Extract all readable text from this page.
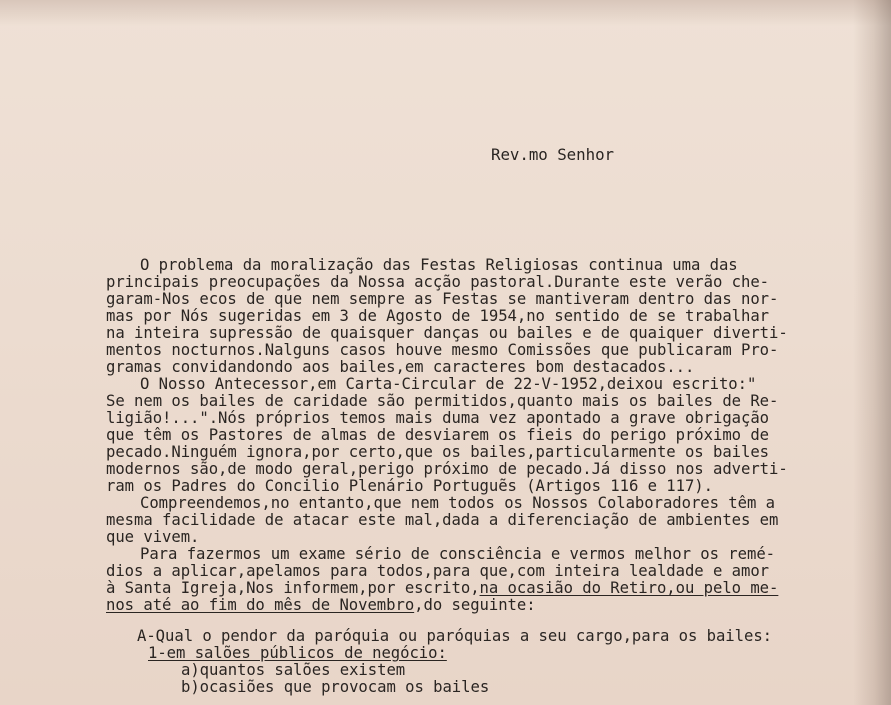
Rev.mo Senhor
O problema da moralização das Festas Religiosas continua uma das
principais preocupações da Nossa acção pastoral.Durante este verão che-
garam-Nos ecos de que nem sempre as Festas se mantiveram dentro das nor-
mas por Nós sugeridas em 3 de Agosto de 1954,no sentido de se trabalhar
na inteira supressão de quaisquer danças ou bailes e de quaiquer diverti-
mentos nocturnos.Nalguns casos houve mesmo Comissões que publicaram Pro-
gramas convidandondo aos bailes,em caracteres bom destacados...
O Nosso Antecessor,em Carta-Circular de 22-V-1952,deixou escrito:"
Se nem os bailes de caridade são permitidos,quanto mais os bailes de Re-
ligião!...".Nós próprios temos mais duma vez apontado a grave obrigação
que têm os Pastores de almas de desviarem os fieis do perigo próximo de
pecado.Ninguém ignora,por certo,que os bailes,particularmente os bailes
modernos são,de modo geral,perigo próximo de pecado.Já disso nos adverti-
ram os Padres do Concilio Plenário Portuguẽs (Artigos 116 e 117).
Compreendemos,no entanto,que nem todos os Nossos Colaboradores têm a
mesma facilidade de atacar este mal,dada a diferenciação de ambientes em
que vivem.
Para fazermos um exame sério de consciência e vermos melhor os remé-
dios a aplicar,apelamos para todos,para que,com inteira lealdade e amor
à Santa Igreja,Nos informem,por escrito,na ocasião do Retiro,ou pelo me-
nos até ao fim do mês de Novembro,do seguinte:
A-Qual o pendor da paróquia ou paróquias a seu cargo,para os bailes:
1-em salões públicos de negócio:
a)quantos salões existem
b)ocasiões que provocam os bailes
